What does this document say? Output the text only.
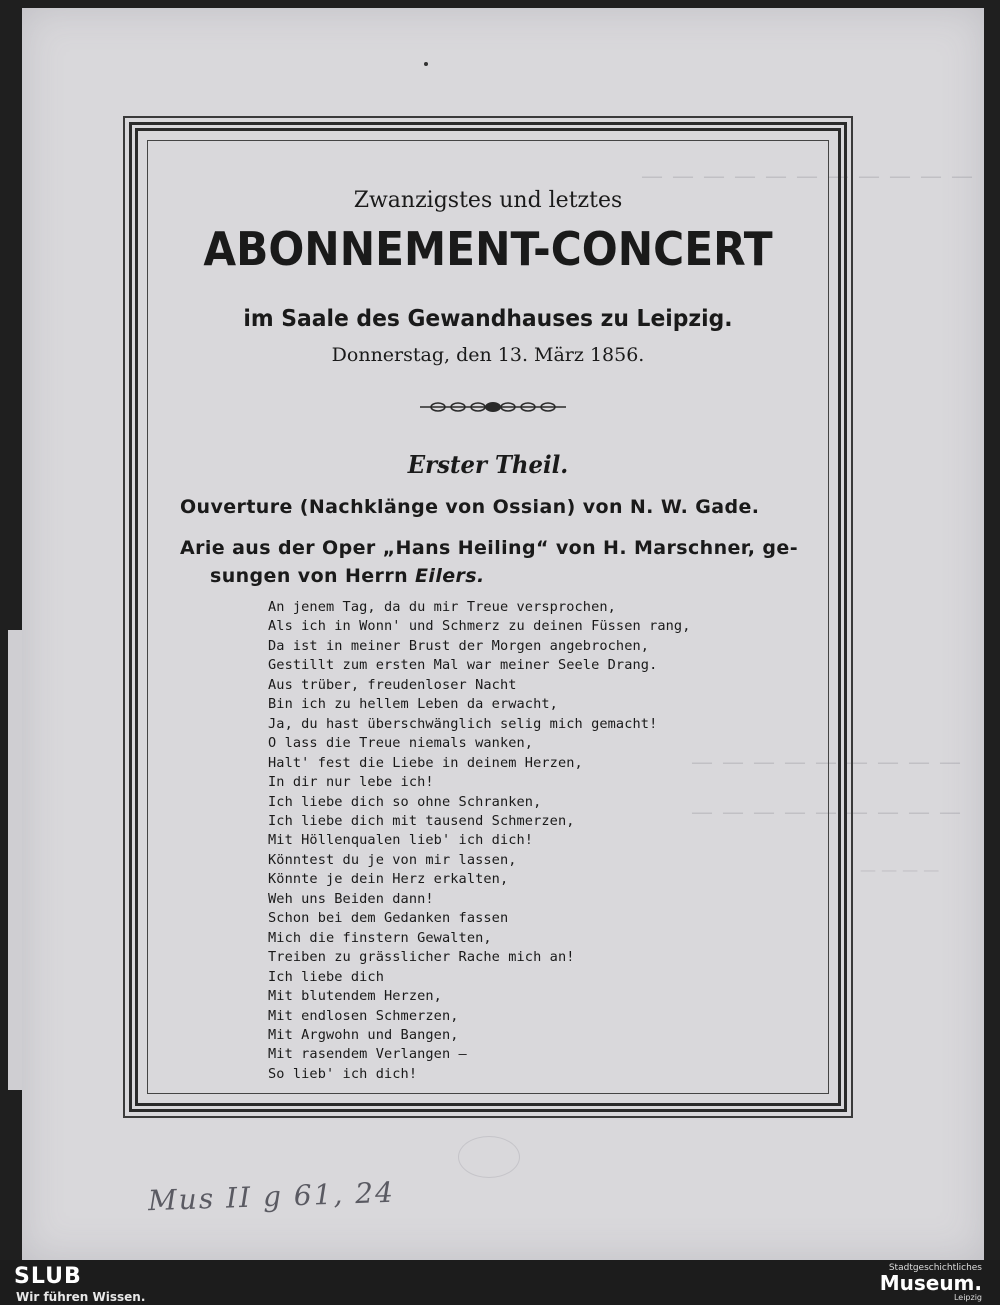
— — — — — — — — — — —
— — — — — — — — —
— — — — — — — — —
— — — —
Zwanzigstes und letztes
ABONNEMENT-CONCERT
im Saale des Gewandhauses zu Leipzig.
Donnerstag, den 13. März 1856.
Erster Theil.
Ouverture (Nachklänge von Ossian) von N. W. Gade.
Arie aus der Oper „Hans Heiling“ von H. Marschner, ge-
sungen von Herrn Eilers.
An jenem Tag, da du mir Treue versprochen,
Als ich in Wonn' und Schmerz zu deinen Füssen rang,
Da ist in meiner Brust der Morgen angebrochen,
Gestillt zum ersten Mal war meiner Seele Drang.
Aus trüber, freudenloser Nacht
Bin ich zu hellem Leben da erwacht,
Ja, du hast überschwänglich selig mich gemacht!
O lass die Treue niemals wanken,
Halt' fest die Liebe in deinem Herzen,
In dir nur lebe ich!
Ich liebe dich so ohne Schranken,
Ich liebe dich mit tausend Schmerzen,
Mit Höllenqualen lieb' ich dich!
Könntest du je von mir lassen,
Könnte je dein Herz erkalten,
Weh uns Beiden dann!
Schon bei dem Gedanken fassen
Mich die finstern Gewalten,
Treiben zu grässlicher Rache mich an!
Ich liebe dich
Mit blutendem Herzen,
Mit endlosen Schmerzen,
Mit Argwohn und Bangen,
Mit rasendem Verlangen —
So lieb' ich dich!
Mus II g 61, 24
SLUB
Wir führen Wissen.
Stadtgeschichtliches
Museum.
Leipzig
